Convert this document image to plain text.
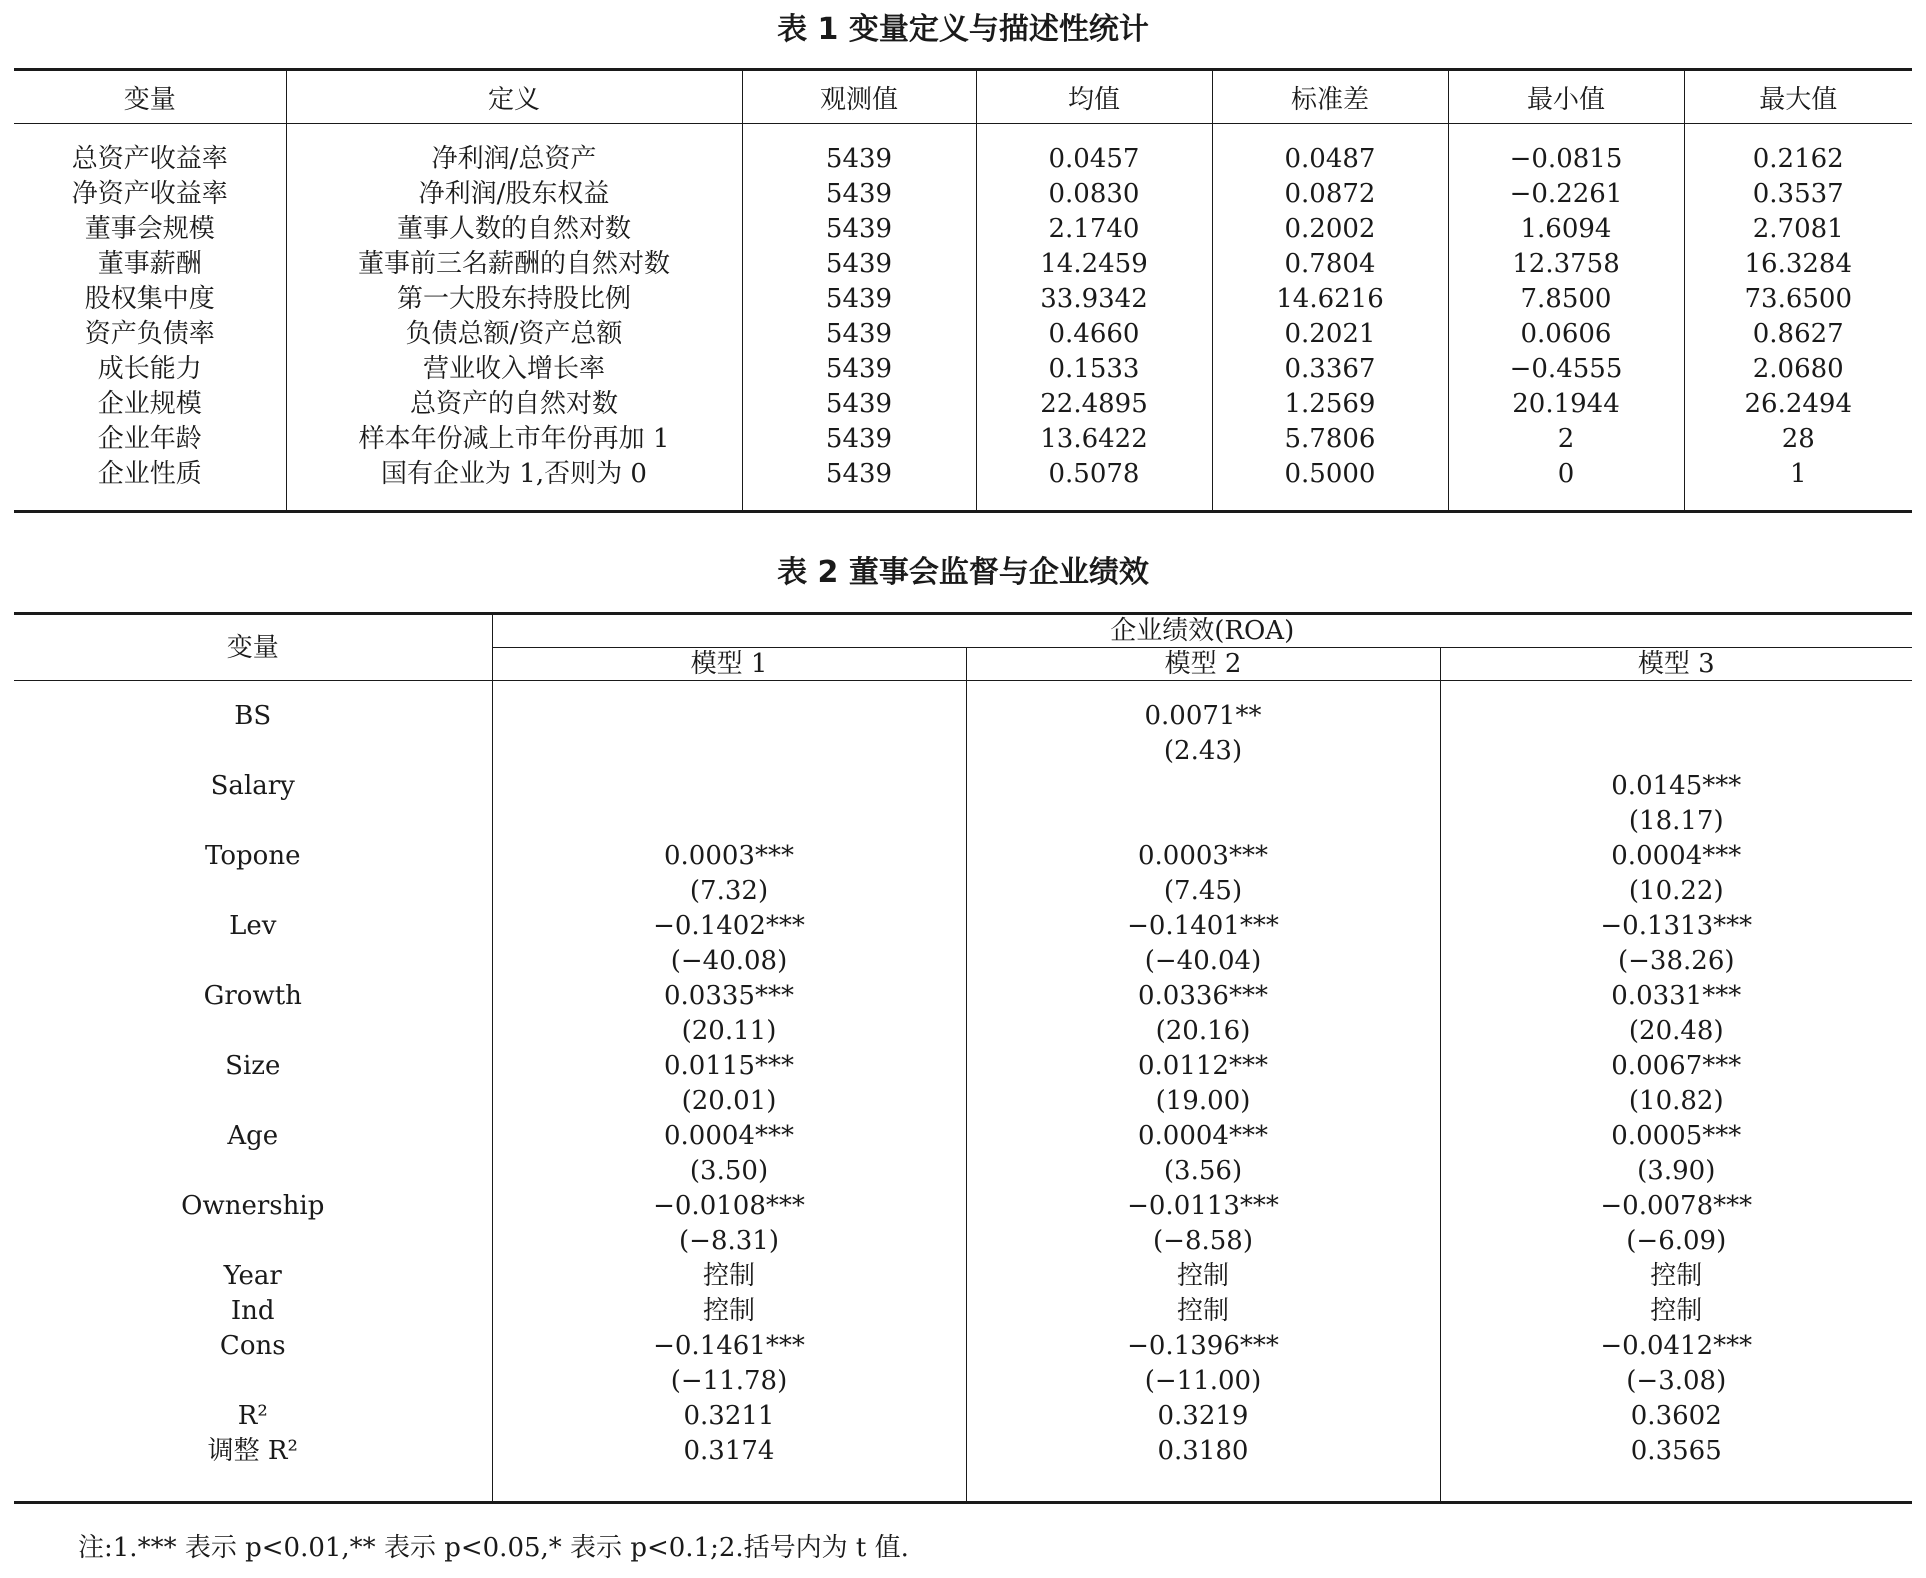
表 1 变量定义与描述性统计
变量	定义	观测值	均值	标准差	最小值	最大值
总资产收益率	净利润/总资产	5439	0.0457	0.0487	−0.0815	0.2162
净资产收益率	净利润/股东权益	5439	0.0830	0.0872	−0.2261	0.3537
董事会规模	董事人数的自然对数	5439	2.1740	0.2002	1.6094	2.7081
董事薪酬	董事前三名薪酬的自然对数	5439	14.2459	0.7804	12.3758	16.3284
股权集中度	第一大股东持股比例	5439	33.9342	14.6216	7.8500	73.6500
资产负债率	负债总额/资产总额	5439	0.4660	0.2021	0.0606	0.8627
成长能力	营业收入增长率	5439	0.1533	0.3367	−0.4555	2.0680
企业规模	总资产的自然对数	5439	22.4895	1.2569	20.1944	26.2494
企业年龄	样本年份减上市年份再加 1	5439	13.6422	5.7806	2	28
企业性质	国有企业为 1,否则为 0	5439	0.5078	0.5000	0	1
表 2 董事会监督与企业绩效
变量	企业绩效(ROA)		
	模型 1	模型 2	模型 3
BS		0.0071**	
		(2.43)	
Salary			0.0145***
			(18.17)
Topone	0.0003***	0.0003***	0.0004***
	(7.32)	(7.45)	(10.22)
Lev	−0.1402***	−0.1401***	−0.1313***
	(−40.08)	(−40.04)	(−38.26)
Growth	0.0335***	0.0336***	0.0331***
	(20.11)	(20.16)	(20.48)
Size	0.0115***	0.0112***	0.0067***
	(20.01)	(19.00)	(10.82)
Age	0.0004***	0.0004***	0.0005***
	(3.50)	(3.56)	(3.90)
Ownership	−0.0108***	−0.0113***	−0.0078***
	(−8.31)	(−8.58)	(−6.09)
Year	控制	控制	控制
Ind	控制	控制	控制
Cons	−0.1461***	−0.1396***	−0.0412***
	(−11.78)	(−11.00)	(−3.08)
R²	0.3211	0.3219	0.3602
调整 R²	0.3174	0.3180	0.3565
注:1.*** 表示 p<0.01,** 表示 p<0.05,* 表示 p<0.1;2.括号内为 t 值.
